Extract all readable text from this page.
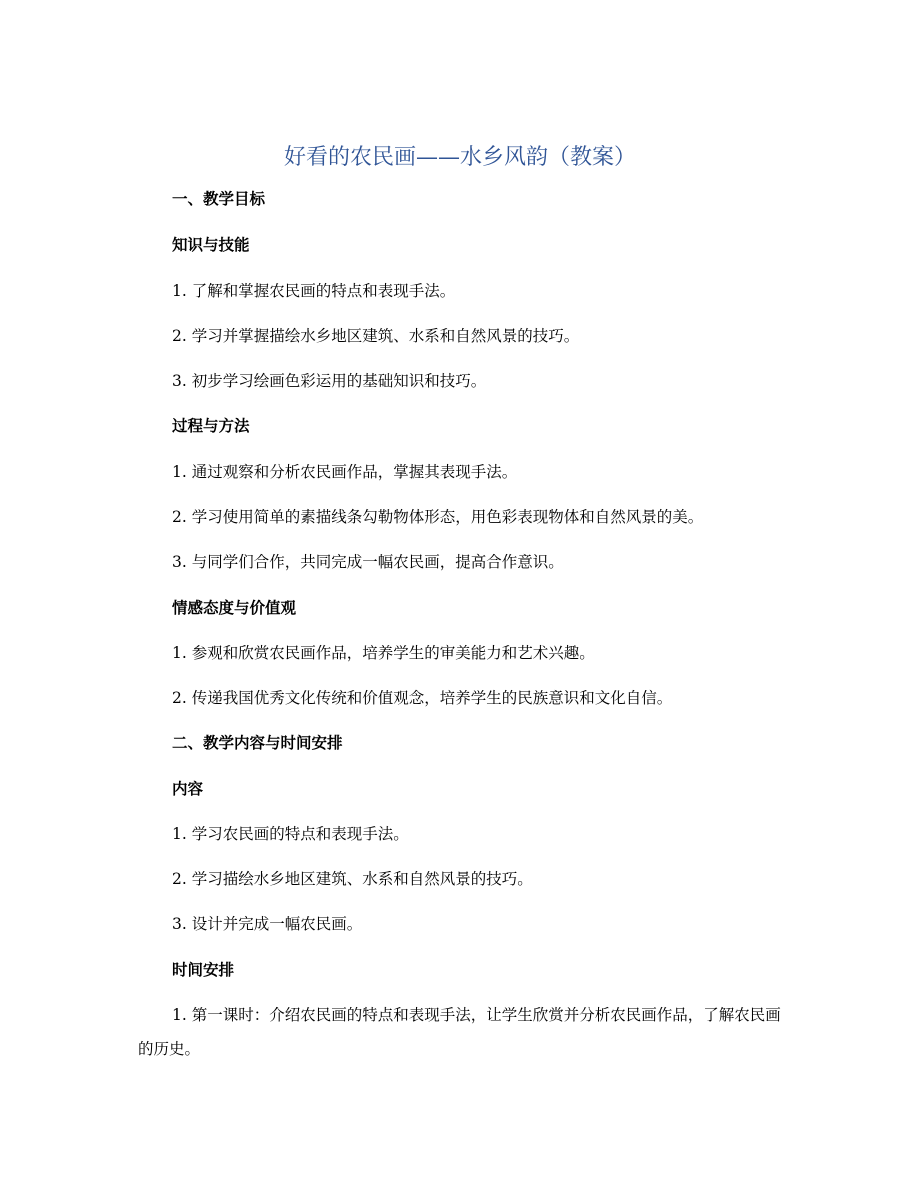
好看的农民画——水乡风韵（教案）
一、教学目标
知识与技能
1. 了解和掌握农民画的特点和表现手法。
2. 学习并掌握描绘水乡地区建筑、水系和自然风景的技巧。
3. 初步学习绘画色彩运用的基础知识和技巧。
过程与方法
1. 通过观察和分析农民画作品，掌握其表现手法。
2. 学习使用简单的素描线条勾勒物体形态，用色彩表现物体和自然风景的美。
3. 与同学们合作，共同完成一幅农民画，提高合作意识。
情感态度与价值观
1. 参观和欣赏农民画作品，培养学生的审美能力和艺术兴趣。
2. 传递我国优秀文化传统和价值观念，培养学生的民族意识和文化自信。
二、教学内容与时间安排
内容
1. 学习农民画的特点和表现手法。
2. 学习描绘水乡地区建筑、水系和自然风景的技巧。
3. 设计并完成一幅农民画。
时间安排
1. 第一课时：介绍农民画的特点和表现手法，让学生欣赏并分析农民画作品，了解农民画的历史。
